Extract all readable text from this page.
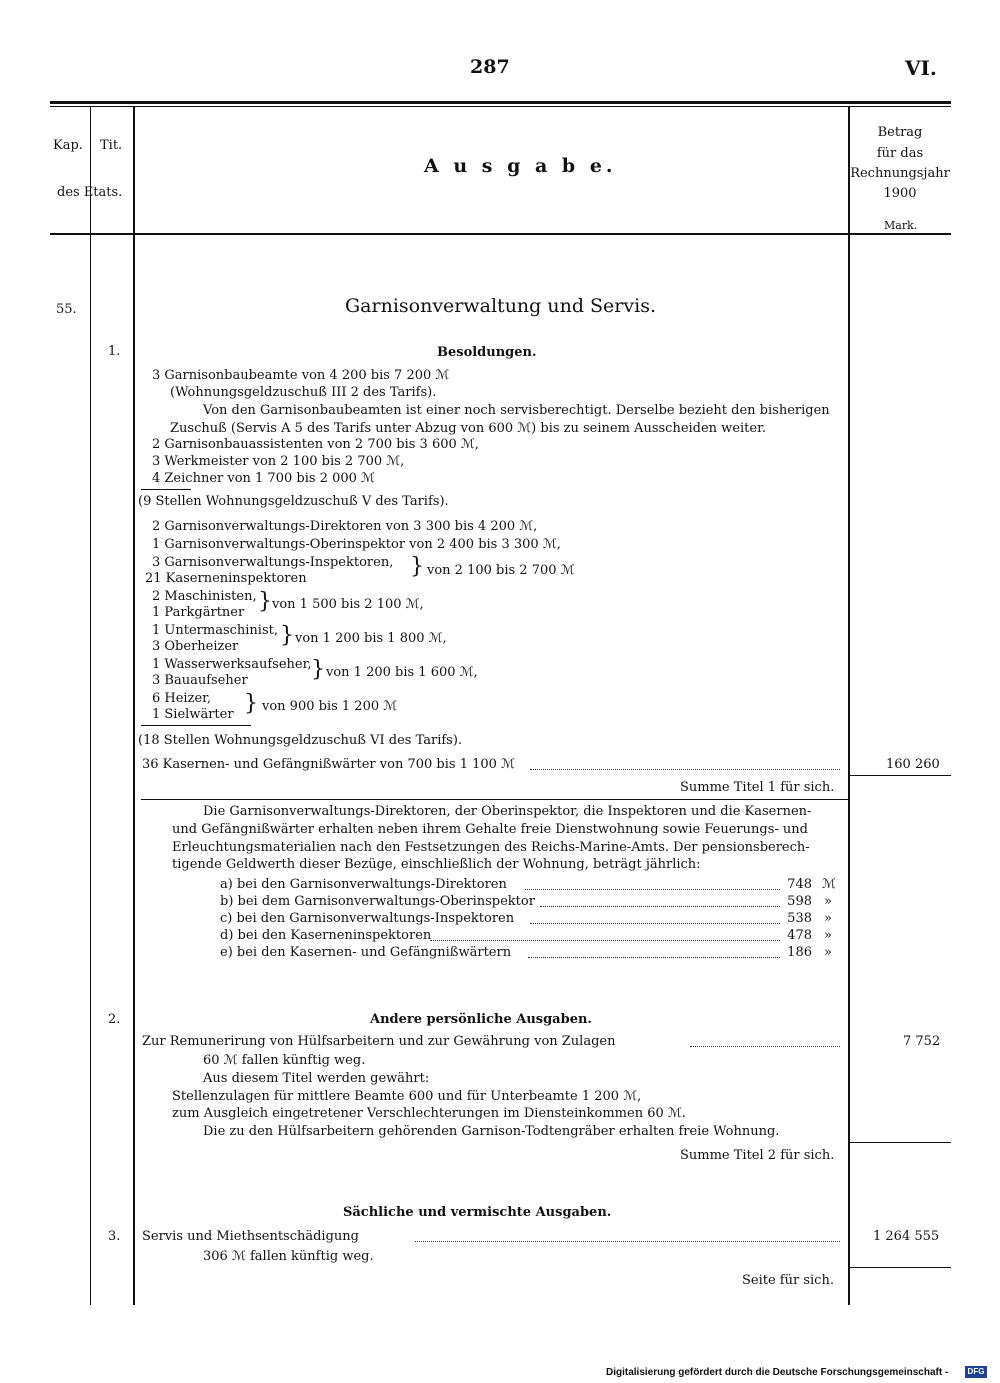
287	VI.
Kap. Tit.
des Etats.
A u s g a b e.
Betrag
für das
Rechnungsjahr
1900
Mark.
55.	Garnisonverwaltung und Servis.
1.	Besoldungen.
3 Garnisonbaubeamte von 4 200 bis 7 200 ℳ
(Wohnungsgeldzuschuß III 2 des Tarifs).
Von den Garnisonbaubeamten ist einer noch servisberechtigt. Derselbe bezieht den bisherigen
Zuschuß (Servis A 5 des Tarifs unter Abzug von 600 ℳ) bis zu seinem Ausscheiden weiter.
2 Garnisonbauassistenten von 2 700 bis 3 600 ℳ,
3 Werkmeister von 2 100 bis 2 700 ℳ,
4 Zeichner von 1 700 bis 2 000 ℳ
(9 Stellen Wohnungsgeldzuschuß V des Tarifs).
2 Garnisonverwaltungs-Direktoren von 3 300 bis 4 200 ℳ,
1 Garnisonverwaltungs-Oberinspektor von 2 400 bis 3 300 ℳ,
3 Garnisonverwaltungs-Inspektoren,
21 Kaserneninspektoren	} von 2 100 bis 2 700 ℳ
2 Maschinisten,
1 Parkgärtner } von 1 500 bis 2 100 ℳ,
1 Untermaschinist,
3 Oberheizer } von 1 200 bis 1 800 ℳ,
1 Wasserwerksaufseher,
3 Bauaufseher	} von 1 200 bis 1 600 ℳ,
6 Heizer,
1 Sielwärter } von 900 bis 1 200 ℳ
(18 Stellen Wohnungsgeldzuschuß VI des Tarifs).
36 Kasernen- und Gefängnißwärter von 700 bis 1 100 ℳ	160 260
Summe Titel 1 für sich.
Die Garnisonverwaltungs-Direktoren, der Oberinspektor, die Inspektoren und die Kasernen-
und Gefängnißwärter erhalten neben ihrem Gehalte freie Dienstwohnung sowie Feuerungs- und
Erleuchtungsmaterialien nach den Festsetzungen des Reichs-Marine-Amts. Der pensionsberech-
tigende Geldwerth dieser Bezüge, einschließlich der Wohnung, beträgt jährlich:
a) bei den Garnisonverwaltungs-Direktoren	748 ℳ
b) bei dem Garnisonverwaltungs-Oberinspektor	598 »
c) bei den Garnisonverwaltungs-Inspektoren	538 »
d) bei den Kaserneninspektoren	478 »
e) bei den Kasernen- und Gefängnißwärtern	186 »
2.	Andere persönliche Ausgaben.
Zur Remunerirung von Hülfsarbeitern und zur Gewährung von Zulagen	7 752
60 ℳ fallen künftig weg.
Aus diesem Titel werden gewährt:
Stellenzulagen für mittlere Beamte 600 und für Unterbeamte 1 200 ℳ,
zum Ausgleich eingetretener Verschlechterungen im Diensteinkommen 60 ℳ.
Die zu den Hülfsarbeitern gehörenden Garnison-Todtengräber erhalten freie Wohnung.
Summe Titel 2 für sich.
Sächliche und vermischte Ausgaben.
3. Servis und Miethsentschädigung	1 264 555
306 ℳ fallen künftig weg.
Seite für sich.
Digitalisierung gefördert durch die Deutsche Forschungsgemeinschaft -	DFG
